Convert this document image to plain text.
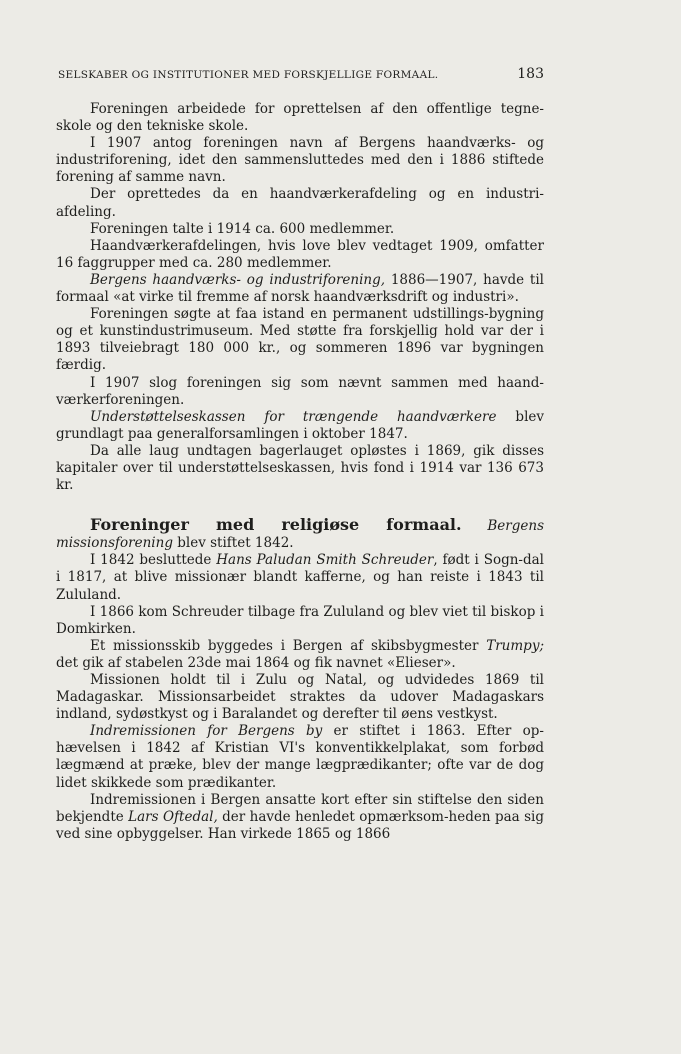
SELSKABER OG INSTITUTIONER MED FORSKJELLIGE FORMAAL.	183

Foreningen arbeidede for oprettelsen af den offentlige tegne-skole og den tekniske skole.

I 1907 antog foreningen navn af Bergens haandværks- og industriforening, idet den sammensluttedes med den i 1886 stiftede forening af samme navn.

Der oprettedes da en haandværkerafdeling og en industri-afdeling.

Foreningen talte i 1914 ca. 600 medlemmer.

Haandværkerafdelingen, hvis love blev vedtaget 1909, omfatter 16 faggrupper med ca. 280 medlemmer.

Bergens haandværks- og industriforening, 1886—1907, havde til formaal «at virke til fremme af norsk haandværksdrift og industri».

Foreningen søgte at faa istand en permanent udstillings-bygning og et kunstindustrimuseum. Med støtte fra forskjellig hold var der i 1893 tilveiebragt 180 000 kr., og sommeren 1896 var bygningen færdig.

I 1907 slog foreningen sig som nævnt sammen med haand-værkerforeningen.

Understøttelseskassen for trængende haandværkere blev grundlagt paa generalforsamlingen i oktober 1847.

Da alle laug undtagen bagerlauget opløstes i 1869, gik disses kapitaler over til understøttelseskassen, hvis fond i 1914 var 136 673 kr.

Foreninger med religiøse formaal. Bergens missionsforening blev stiftet 1842.

I 1842 besluttede Hans Paludan Smith Schreuder, født i Sogn-dal i 1817, at blive missionær blandt kafferne, og han reiste i 1843 til Zululand.

I 1866 kom Schreuder tilbage fra Zululand og blev viet til biskop i Domkirken.

Et missionsskib byggedes i Bergen af skibsbygmester Trumpy; det gik af stabelen 23de mai 1864 og fik navnet «Elieser».

Missionen holdt til i Zulu og Natal, og udvidedes 1869 til Madagaskar. Missionsarbeidet straktes da udover Madagaskars indland, sydøstkyst og i Baralandet og derefter til øens vestkyst.

Indremissionen for Bergens by er stiftet i 1863. Efter op-hævelsen i 1842 af Kristian VI's konventikkelplakat, som forbød lægmænd at præke, blev der mange lægprædikanter; ofte var de dog lidet skikkede som prædikanter.

Indremissionen i Bergen ansatte kort efter sin stiftelse den siden bekjendte Lars Oftedal, der havde henledet opmærksom-heden paa sig ved sine opbyggelser. Han virkede 1865 og 1866
